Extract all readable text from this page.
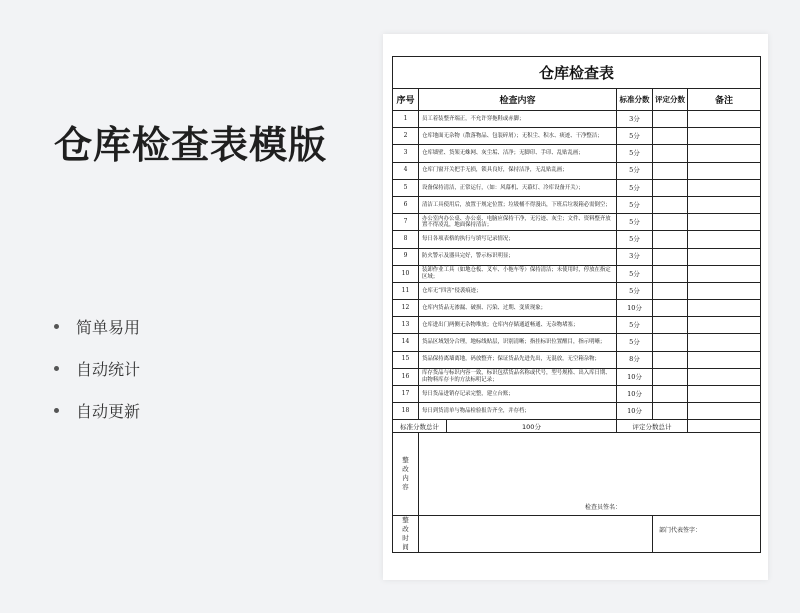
仓库检查表模版
简单易用
自动统计
自动更新
仓库检查表				
序号	检查内容	标准分数	评定分数	备注
1	员工着装整齐端正，不允许穿拖鞋或赤脚；	3分		
2	仓库地面无杂物（散落物品、包装碎屑）；无积尘、积水、痰迹、干净整洁；	5分		
3	仓库墙壁、货架无蛛网、灰尘垢、洁净；无脚印、手印、乱贴乱画；	5分		
4	仓库门窗开关把手无损，锁具良好，保持洁净，无乱贴乱画；	5分		
5	设备保持清洁，正常运行，（如：风幕机、天幕灯、冷库设备开关）；	5分		
6	清洁工具使用后，放置于规定位置；垃圾桶不得漫出，下班后垃圾箱必需倒空；	5分		
7	办公室内办公桌、办公桌、电脑应保持干净，无污迹、灰尘；文件、资料整齐放置不得凌乱，地面保持清洁；	5分		
8	每日各项表格的执行与填写记录情况；	5分		
9	防火警示及器具完好，警示标识明显；	3分		
10	装卸作业工具（如地仓板、叉车、小拖车等）保持清洁；未使用时，停放在指定区域；	5分		
11	仓库无“四害”侵袭痕迹；	5分		
12	仓库内货品无渗漏、破损、污染、过期、变质现象；	10分		
13	仓库进出门两侧无杂物堆放；仓库内存储通道畅通、无杂物堵塞；	5分		
14	货品区域划分合理，地标线贴层，识别清晰；指挂标识位置醒目，指示明晰；	5分		
15	货品保持离墙离地，码放整齐；保证货品先进先出，无混放，无空箱杂物；	8分		
16	库存货品与标识内容一致，标识包括货品名称或代号，型号规格、出入库日期、由物料库存卡的方法标明记录；	10分		
17	每日货品进销存记录完整，建立台账；	10分		
18	每日到货清单与物品检验报告齐全，并存档；	10分		

标准分数总计 100分		评定分数总计		

整
改
内
容	检查员签名：			

整
改
时
间			部门代表签字：	
